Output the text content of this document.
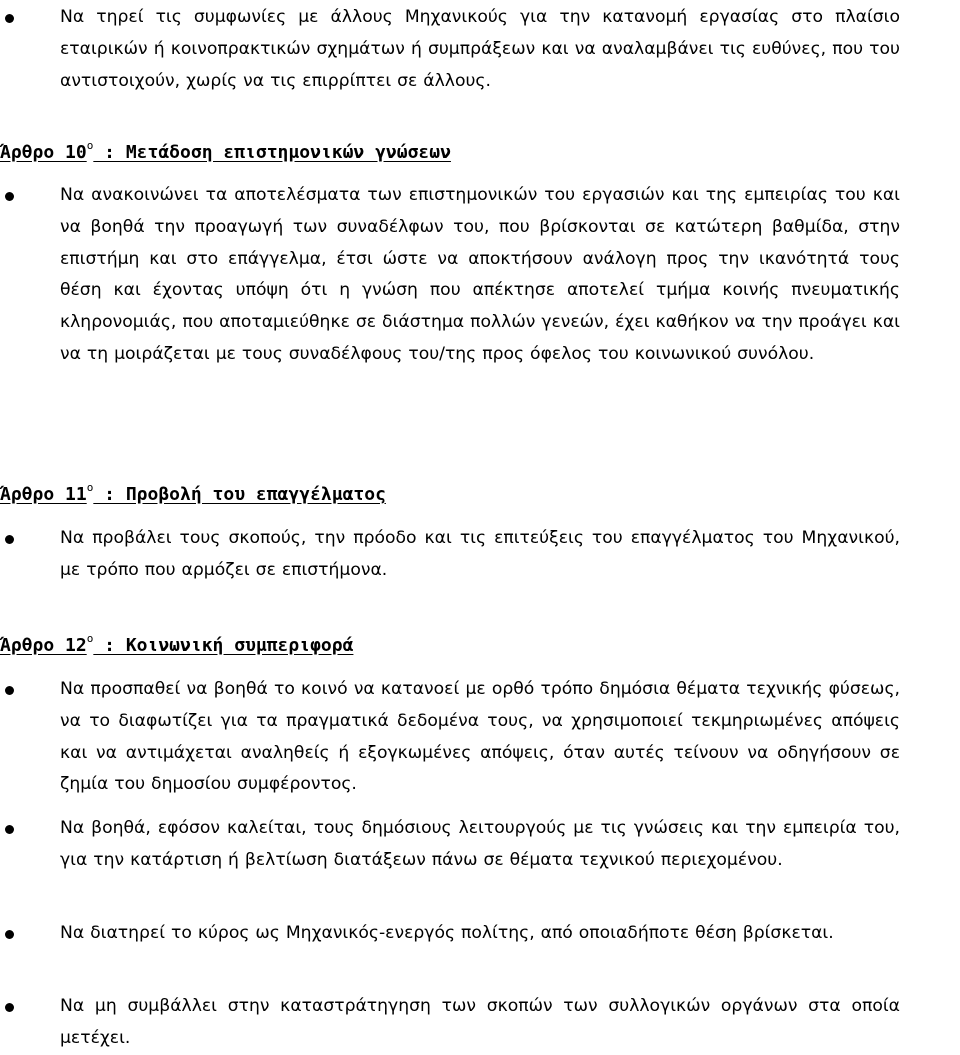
Να τηρεί τις συμφωνίες με άλλους Μηχανικούς για την κατανομή εργασίας στο πλαίσιο εταιρικών ή κοινοπρακτικών σχημάτων ή συμπράξεων και να αναλαμβάνει τις ευθύνες, που του αντιστοιχούν, χωρίς να τις επιρρίπτει σε άλλους.

Άρθρο $10^o$ : Μετάδοση επιστημονικών γνώσεων

Να ανακοινώνει τα αποτελέσματα των επιστημονικών του εργασιών και της εμπειρίας του και να βοηθά την προαγωγή των συναδέλφων του, που βρίσκονται σε κατώτερη βαθμίδα, στην επιστήμη και στο επάγγελμα, έτσι ώστε να αποκτήσουν ανάλογη προς την ικανότητά τους θέση και έχοντας υπόψη ότι η γνώση που απέκτησε αποτελεί τμήμα κοινής πνευματικής κληρονομιάς, που αποταμιεύθηκε σε διάστημα πολλών γενεών, έχει καθήκον να την προάγει και να τη μοιράζεται με τους συναδέλφους του/της προς όφελος του κοινωνικού συνόλου.

Άρθρο $11^o$ : Προβολή του επαγγέλματος

Να προβάλει τους σκοπούς, την πρόοδο και τις επιτεύξεις του επαγγέλματος του Μηχανικού, με τρόπο που αρμόζει σε επιστήμονα.

Άρθρο $12^o$ : Κοινωνική συμπεριφορά

Να προσπαθεί να βοηθά το κοινό να κατανοεί με ορθό τρόπο δημόσια θέματα τεχνικής φύσεως, να το διαφωτίζει για τα πραγματικά δεδομένα τους, να χρησιμοποιεί τεκμηριωμένες απόψεις και να αντιμάχεται αναληθείς ή εξογκωμένες απόψεις, όταν αυτές τείνουν να οδηγήσουν σε ζημία του δημοσίου συμφέροντος.

Να βοηθά, εφόσον καλείται, τους δημόσιους λειτουργούς με τις γνώσεις και την εμπειρία του, για την κατάρτιση ή βελτίωση διατάξεων πάνω σε θέματα τεχνικού περιεχομένου.

Να διατηρεί το κύρος ως Μηχανικός-ενεργός πολίτης, από οποιαδήποτε θέση βρίσκεται.

Να μη συμβάλλει στην καταστράτηγηση των σκοπών των συλλογικών οργάνων στα οποία μετέχει.
